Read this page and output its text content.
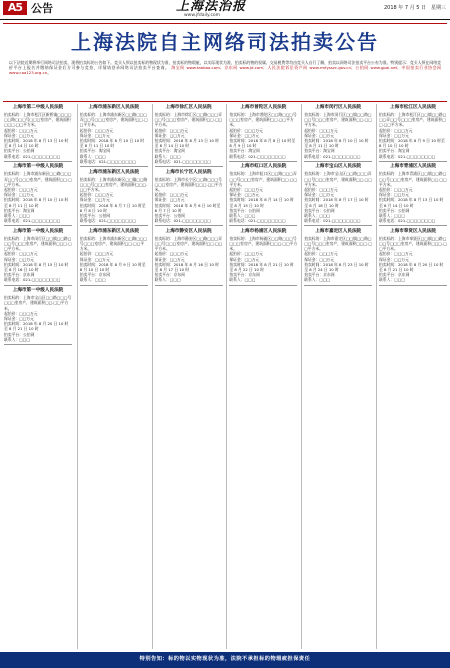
A5 公告	上海法治报
www.jfdaily.com
2018 年 7 月 5 日　星期三
上海法院自主网络司法拍卖公告
以下法院近期将举行网络司法拍卖，现将拍卖标的公告如下。竞买人须以拍卖标的物现状为准，拍卖标的物瑕疵，以实际现状为准，拍卖标的物的权属、交易税费等均由竞买人自行了解，拍卖以网络司法拍卖平台公布为准。特别提示：竞买人须在网络竞价平台上报名并缴纳保证金后方可参与竞拍，详情请登录网络司法拍卖平台查询。 淘宝网 www.taobao.com；京东网 www.jd.com；人民法院诉讼资产网 www.rmfysszc.gov.cn；公拍网 www.gpai.net；中国拍卖行业协会网 www.caa123.org.cn。
上海市第二中级人民法院
拍卖标的：上海市松江区新桥镇□□□□□□路□□□号□□□室房产，建筑面积□□□.□□平方米。
起拍价：□□□万元
保证金：□□万元
拍卖时间：2018 年 8 月 13 日 10 时至 8 月 14 日 10 时
拍卖平台：公拍网
联系电话：021-□□□□□□□□
上海市第一中级人民法院
拍卖标的：上海市浦东新区□□路□□□弄□□号□□□室房产，建筑面积□□.□□平方米。
起拍价：□□□万元
保证金：□□万元
拍卖时间：2018 年 8 月 10 日 10 时至 8 月 11 日 10 时
拍卖平台：淘宝网
联系人：□□□
联系电话：021-□□□□□□□□
上海市第一中级人民法院
拍卖标的：上海市闵行区□□镇□□路□□□号□□□室房产，建筑面积□□□.□□平方米。
起拍价：□□□万元
保证金：□□万元
拍卖时间：2018 年 8 月 15 日 10 时至 8 月 16 日 10 时
拍卖平台：京东网
联系电话：021-□□□□□□□□
上海市第一中级人民法院
拍卖标的：上海市宝山区□□路□□□号□□□室房产，建筑面积□□.□□平方米。
起拍价：□□□万元
保证金：□□万元
拍卖时间：2018 年 8 月 20 日 10 时至 8 月 21 日 10 时
拍卖平台：公拍网
联系人：□□□
上海市浦东新区人民法院
拍卖标的：上海市浦东新区□□路□□□弄□□号□□□室房产，建筑面积□□.□□平方米。
起拍价：□□□万元
保证金：□□万元
拍卖时间：2018 年 8 月 10 日 10 时至 8 月 11 日 10 时
拍卖平台：淘宝网
联系人：□□□
联系电话：021-□□□□□□□□
上海市浦东新区人民法院
拍卖标的：上海市浦东新区□□镇□□路□□□号□□□室房产，建筑面积□□□.□□平方米。
起拍价：□□□万元
保证金：□□万元
拍卖时间：2018 年 8 月 7 日 10 时至 8 月 8 日 10 时
拍卖平台：公拍网
联系电话：021-□□□□□□□□
上海市浦东新区人民法院
拍卖标的：上海市浦东新区□□路□□□号□□□室房产，建筑面积□□.□□平方米。
起拍价：□□□万元
保证金：□□万元
拍卖时间：2018 年 8 月 9 日 10 时至 8 月 10 日 10 时
拍卖平台：京东网
联系人：□□□
上海市徐汇区人民法院
拍卖标的：上海市徐汇区□□路□□□弄□□号□□□室房产，建筑面积□□.□□平方米。
起拍价：□□□万元
保证金：□□万元
拍卖时间：2018 年 8 月 13 日 10 时至 8 月 14 日 10 时
拍卖平台：淘宝网
联系人：□□□
联系电话：021-□□□□□□□□
上海市长宁区人民法院
拍卖标的：上海市长宁区□□路□□□号□□□室房产，建筑面积□□□.□□平方米。
起拍价：□□□万元
保证金：□□万元
拍卖时间：2018 年 8 月 6 日 10 时至 8 月 7 日 10 时
拍卖平台：公拍网
联系电话：021-□□□□□□□□
上海市静安区人民法院
拍卖标的：上海市静安区□□路□□□弄□□号□□□室房产，建筑面积□□.□□平方米。
起拍价：□□□万元
保证金：□□万元
拍卖时间：2018 年 8 月 16 日 10 时至 8 月 17 日 10 时
拍卖平台：京东网
联系人：□□□
上海市普陀区人民法院
拍卖标的：上海市普陀区□□路□□□号□□□室房产，建筑面积□□.□□平方米。
起拍价：□□□万元
保证金：□□万元
拍卖时间：2018 年 8 月 8 日 10 时至 8 月 9 日 10 时
拍卖平台：淘宝网
联系电话：021-□□□□□□□□
上海市虹口区人民法院
拍卖标的：上海市虹口区□□路□□□弄□□号□□□室房产，建筑面积□□.□□平方米。
起拍价：□□□万元
保证金：□□万元
拍卖时间：2018 年 8 月 14 日 10 时至 8 月 15 日 10 时
拍卖平台：公拍网
联系人：□□□
联系电话：021-□□□□□□□□
上海市杨浦区人民法院
拍卖标的：上海市杨浦区□□路□□□号□□□室房产，建筑面积□□□.□□平方米。
起拍价：□□□万元
保证金：□□万元
拍卖时间：2018 年 8 月 21 日 10 时至 8 月 22 日 10 时
拍卖平台：京东网
联系人：□□□
上海市闵行区人民法院
拍卖标的：上海市闵行区□□镇□□路□□□号□□□室房产，建筑面积□□.□□平方米。
起拍价：□□□万元
保证金：□□万元
拍卖时间：2018 年 8 月 10 日 10 时至 8 月 11 日 10 时
拍卖平台：淘宝网
联系电话：021-□□□□□□□□
上海市宝山区人民法院
拍卖标的：上海市宝山区□□路□□□弄□□号□□□室房产，建筑面积□□.□□平方米。
起拍价：□□□万元
保证金：□□万元
拍卖时间：2018 年 8 月 17 日 10 时至 8 月 18 日 10 时
拍卖平台：公拍网
联系人：□□□
联系电话：021-□□□□□□□□
上海市嘉定区人民法院
拍卖标的：上海市嘉定区□□镇□□路□□□号□□□室房产，建筑面积□□□.□□平方米。
起拍价：□□□万元
保证金：□□万元
拍卖时间：2018 年 8 月 23 日 10 时至 8 月 24 日 10 时
拍卖平台：京东网
联系人：□□□
上海市松江区人民法院
拍卖标的：上海市松江区□□镇□□路□□□弄□□号□□□室房产，建筑面积□□.□□平方米。
起拍价：□□□万元
保证金：□□万元
拍卖时间：2018 年 8 月 9 日 10 时至 8 月 10 日 10 时
拍卖平台：淘宝网
联系电话：021-□□□□□□□□
上海市青浦区人民法院
拍卖标的：上海市青浦区□□镇□□路□□□号□□□室房产，建筑面积□□.□□平方米。
起拍价：□□□万元
保证金：□□万元
拍卖时间：2018 年 8 月 13 日 10 时至 8 月 14 日 10 时
拍卖平台：公拍网
联系人：□□□
联系电话：021-□□□□□□□□
上海市奉贤区人民法院
拍卖标的：上海市奉贤区□□镇□□路□□□号□□□室房产，建筑面积□□□.□□平方米。
起拍价：□□□万元
保证金：□□万元
拍卖时间：2018 年 8 月 20 日 10 时至 8 月 21 日 10 时
拍卖平台：京东网
联系人：□□□
特别告知：标的物以实物现状为准，法院不承担标的物瑕疵担保责任
